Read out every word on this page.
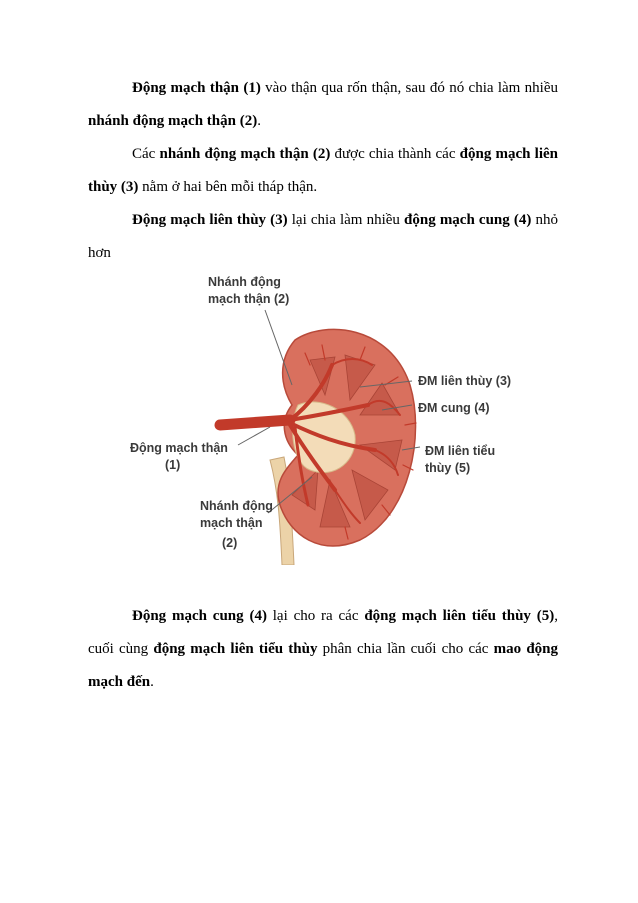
Động mạch thận (1) vào thận qua rốn thận, sau đó nó chia làm nhiều nhánh động mạch thận (2).
Các nhánh động mạch thận (2) được chia thành các động mạch liên thùy (3) nằm ở hai bên mỗi tháp thận.
Động mạch liên thùy (3) lại chia làm nhiều động mạch cung (4) nhỏ hơn
Nhánh động
mạch thận (2)
ĐM liên thùy (3)
ĐM cung (4)
ĐM liên tiểu
thùy (5)
Động mạch thận
(1)
Nhánh động
mạch thận
(2)
Động mạch cung (4) lại cho ra các động mạch liên tiểu thùy (5), cuối cùng động mạch liên tiểu thùy phân chia lần cuối cho các mao động mạch đến.
